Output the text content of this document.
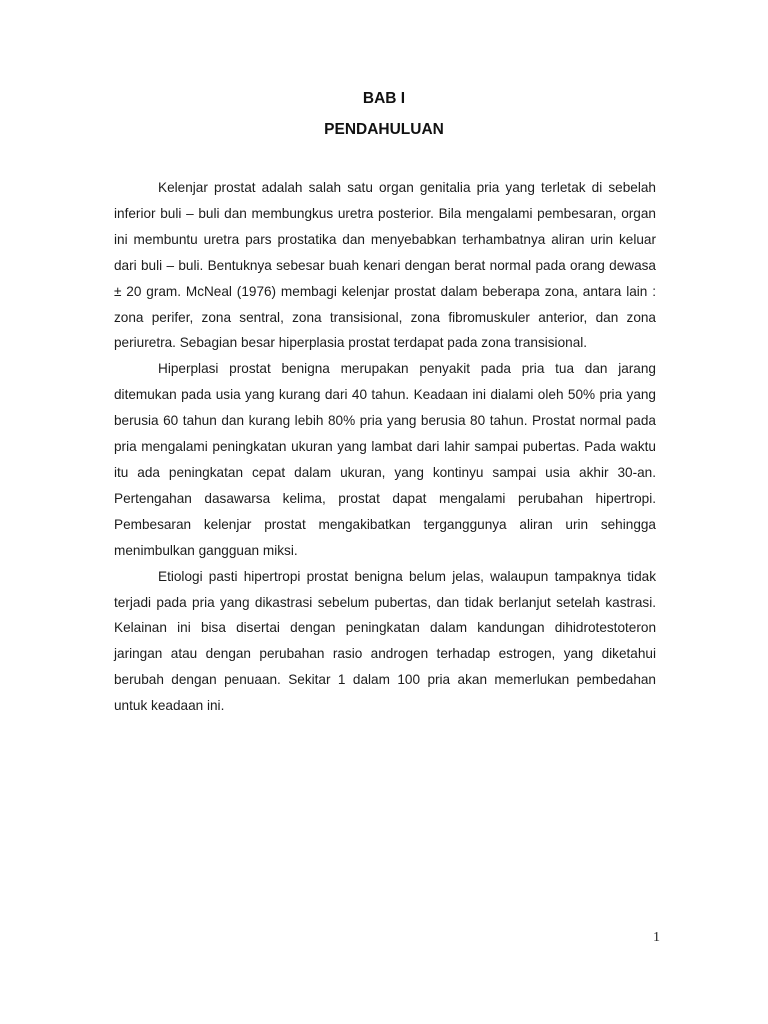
BAB I
PENDAHULUAN

Kelenjar prostat adalah salah satu organ genitalia pria yang terletak di sebelah inferior buli – buli dan membungkus uretra posterior. Bila mengalami pembesaran, organ ini membuntu uretra pars prostatika dan menyebabkan terhambatnya aliran urin keluar dari buli – buli. Bentuknya sebesar buah kenari dengan berat normal pada orang dewasa ± 20 gram. McNeal (1976) membagi kelenjar prostat dalam beberapa zona, antara lain : zona perifer, zona sentral, zona transisional, zona fibromuskuler anterior, dan zona periuretra. Sebagian besar hiperplasia prostat terdapat pada zona transisional.

Hiperplasi prostat benigna merupakan penyakit pada pria tua dan jarang ditemukan pada usia yang kurang dari 40 tahun. Keadaan ini dialami oleh 50% pria yang berusia 60 tahun dan kurang lebih 80% pria yang berusia 80 tahun. Prostat normal pada pria mengalami peningkatan ukuran yang lambat dari lahir sampai pubertas. Pada waktu itu ada peningkatan cepat dalam ukuran, yang kontinyu sampai usia akhir 30-an. Pertengahan dasawarsa kelima, prostat dapat mengalami perubahan hipertropi. Pembesaran kelenjar prostat mengakibatkan terganggunya aliran urin sehingga menimbulkan gangguan miksi.

Etiologi pasti hipertropi prostat benigna belum jelas, walaupun tampaknya tidak terjadi pada pria yang dikastrasi sebelum pubertas, dan tidak berlanjut setelah kastrasi. Kelainan ini bisa disertai dengan peningkatan dalam kandungan dihidrotestoteron jaringan atau dengan perubahan rasio androgen terhadap estrogen, yang diketahui berubah dengan penuaan. Sekitar 1 dalam 100 pria akan memerlukan pembedahan untuk keadaan ini.

1
